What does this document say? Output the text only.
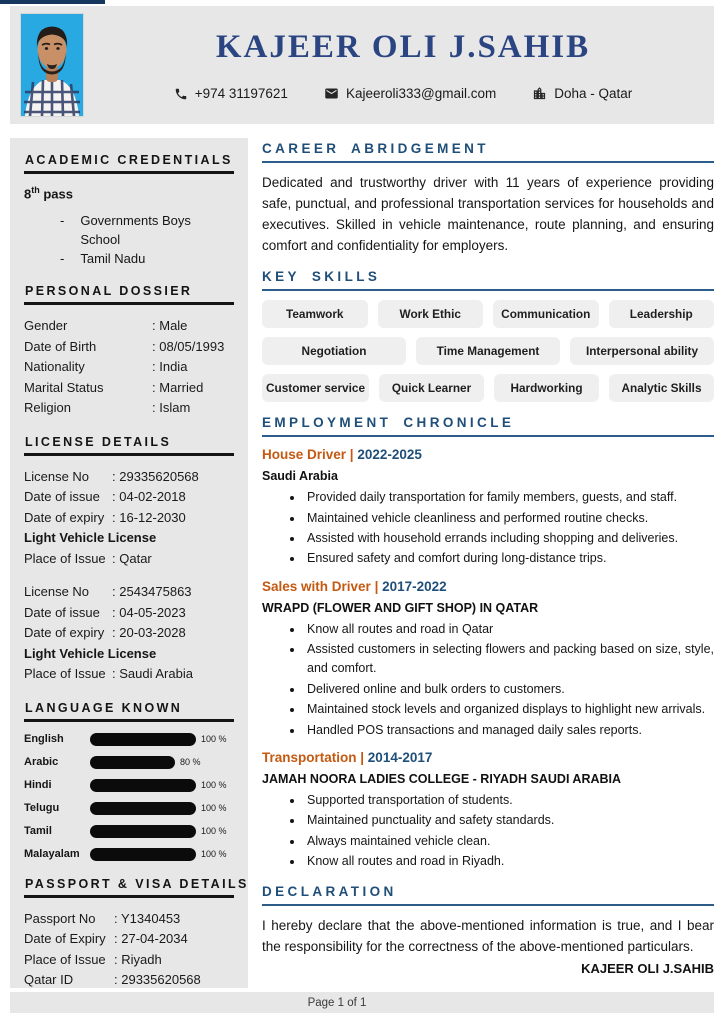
KAJEER OLI J.SAHIB
+974 31197621	Kajeeroli333@gmail.com	Doha - Qatar
ACADEMIC CREDENTIALS
8th pass
- Governments Boys School
- Tamil Nadu
PERSONAL DOSSIER
Gender	: Male
Date of Birth	: 08/05/1993
Nationality	: India
Marital Status	: Married
Religion	: Islam
LICENSE DETAILS
License No	: 29335620568
Date of issue	: 04-02-2018
Date of expiry	: 16-12-2030
Light Vehicle License
Place of Issue	: Qatar
License No	: 2543475863
Date of issue	: 04-05-2023
Date of expiry	: 20-03-2028
Light Vehicle License
Place of Issue	: Saudi Arabia
LANGUAGE KNOWN
English	100 %
Arabic	80 %
Hindi	100 %
Telugu	100 %
Tamil	100 %
Malayalam	100 %
PASSPORT & VISA DETAILS
Passport No	: Y1340453
Date of Expiry	: 27-04-2034
Place of Issue	: Riyadh
Qatar ID	: 29335620568
:
CAREER ABRIDGEMENT
Dedicated and trustworthy driver with 11 years of experience providing safe, punctual, and professional transportation services for households and executives. Skilled in vehicle maintenance, route planning, and ensuring comfort and confidentiality for employers.
KEY SKILLS
Teamwork	Work Ethic	Communication	Leadership
Negotiation	Time Management	Interpersonal ability
Customer service	Quick Learner	Hardworking	Analytic Skills
EMPLOYMENT CHRONICLE
House Driver | 2022-2025
Saudi Arabia
• Provided daily transportation for family members, guests, and staff.
• Maintained vehicle cleanliness and performed routine checks.
• Assisted with household errands including shopping and deliveries.
• Ensured safety and comfort during long-distance trips.
Sales with Driver | 2017-2022
WRAPD (FLOWER AND GIFT SHOP) IN QATAR
• Know all routes and road in Qatar
• Assisted customers in selecting flowers and packing based on size, style, and comfort.
• Delivered online and bulk orders to customers.
• Maintained stock levels and organized displays to highlight new arrivals.
• Handled POS transactions and managed daily sales reports.
Transportation | 2014-2017
JAMAH NOORA LADIES COLLEGE - RIYADH SAUDI ARABIA
• Supported transportation of students.
• Maintained punctuality and safety standards.
• Always maintained vehicle clean.
• Know all routes and road in Riyadh.
DECLARATION
I hereby declare that the above-mentioned information is true, and I bear the responsibility for the correctness of the above-mentioned particulars.
KAJEER OLI J.SAHIB
Page 1 of 1
